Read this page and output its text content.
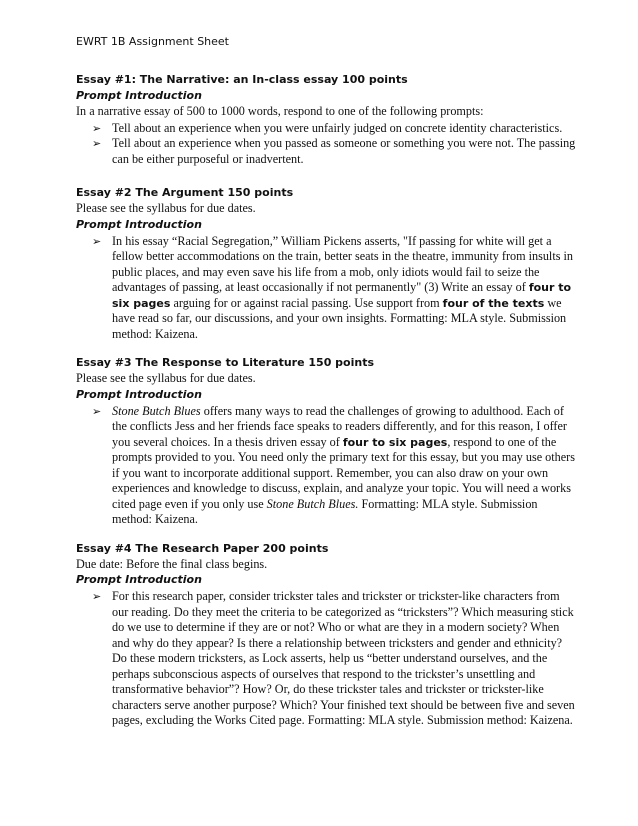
EWRT 1B Assignment Sheet

Essay #1: The Narrative: an In-class essay 100 points

Prompt Introduction

In a narrative essay of 500 to 1000 words, respond to one of the following prompts:

➢ Tell about an experience when you were unfairly judged on concrete identity characteristics.
➢ Tell about an experience when you passed as someone or something you were not. The passing can be either purposeful or inadvertent.

Essay #2 The Argument 150 points

Please see the syllabus for due dates.

Prompt Introduction

➢ In his essay “Racial Segregation,” William Pickens asserts, "If passing for white will get a fellow better accommodations on the train, better seats in the theatre, immunity from insults in public places, and may even save his life from a mob, only idiots would fail to seize the advantages of passing, at least occasionally if not permanently" (3) Write an essay of four to six pages arguing for or against racial passing. Use support from four of the texts we have read so far, our discussions, and your own insights. Formatting: MLA style. Submission method: Kaizena.

Essay #3 The Response to Literature 150 points

Please see the syllabus for due dates.

Prompt Introduction

➢ Stone Butch Blues offers many ways to read the challenges of growing to adulthood. Each of the conflicts Jess and her friends face speaks to readers differently, and for this reason, I offer you several choices. In a thesis driven essay of four to six pages, respond to one of the prompts provided to you. You need only the primary text for this essay, but you may use others if you want to incorporate additional support. Remember, you can also draw on your own experiences and knowledge to discuss, explain, and analyze your topic. You will need a works cited page even if you only use Stone Butch Blues. Formatting: MLA style. Submission method: Kaizena.

Essay #4 The Research Paper 200 points

Due date: Before the final class begins.

Prompt Introduction

➢ For this research paper, consider trickster tales and trickster or trickster-like characters from our reading. Do they meet the criteria to be categorized as “tricksters”? Which measuring stick do we use to determine if they are or not? Who or what are they in a modern society? When and why do they appear? Is there a relationship between tricksters and gender and ethnicity? Do these modern tricksters, as Lock asserts, help us “better understand ourselves, and the perhaps subconscious aspects of ourselves that respond to the trickster’s unsettling and transformative behavior”? How? Or, do these trickster tales and trickster or trickster-like characters serve another purpose? Which? Your finished text should be between five and seven pages, excluding the Works Cited page. Formatting: MLA style. Submission method: Kaizena.
